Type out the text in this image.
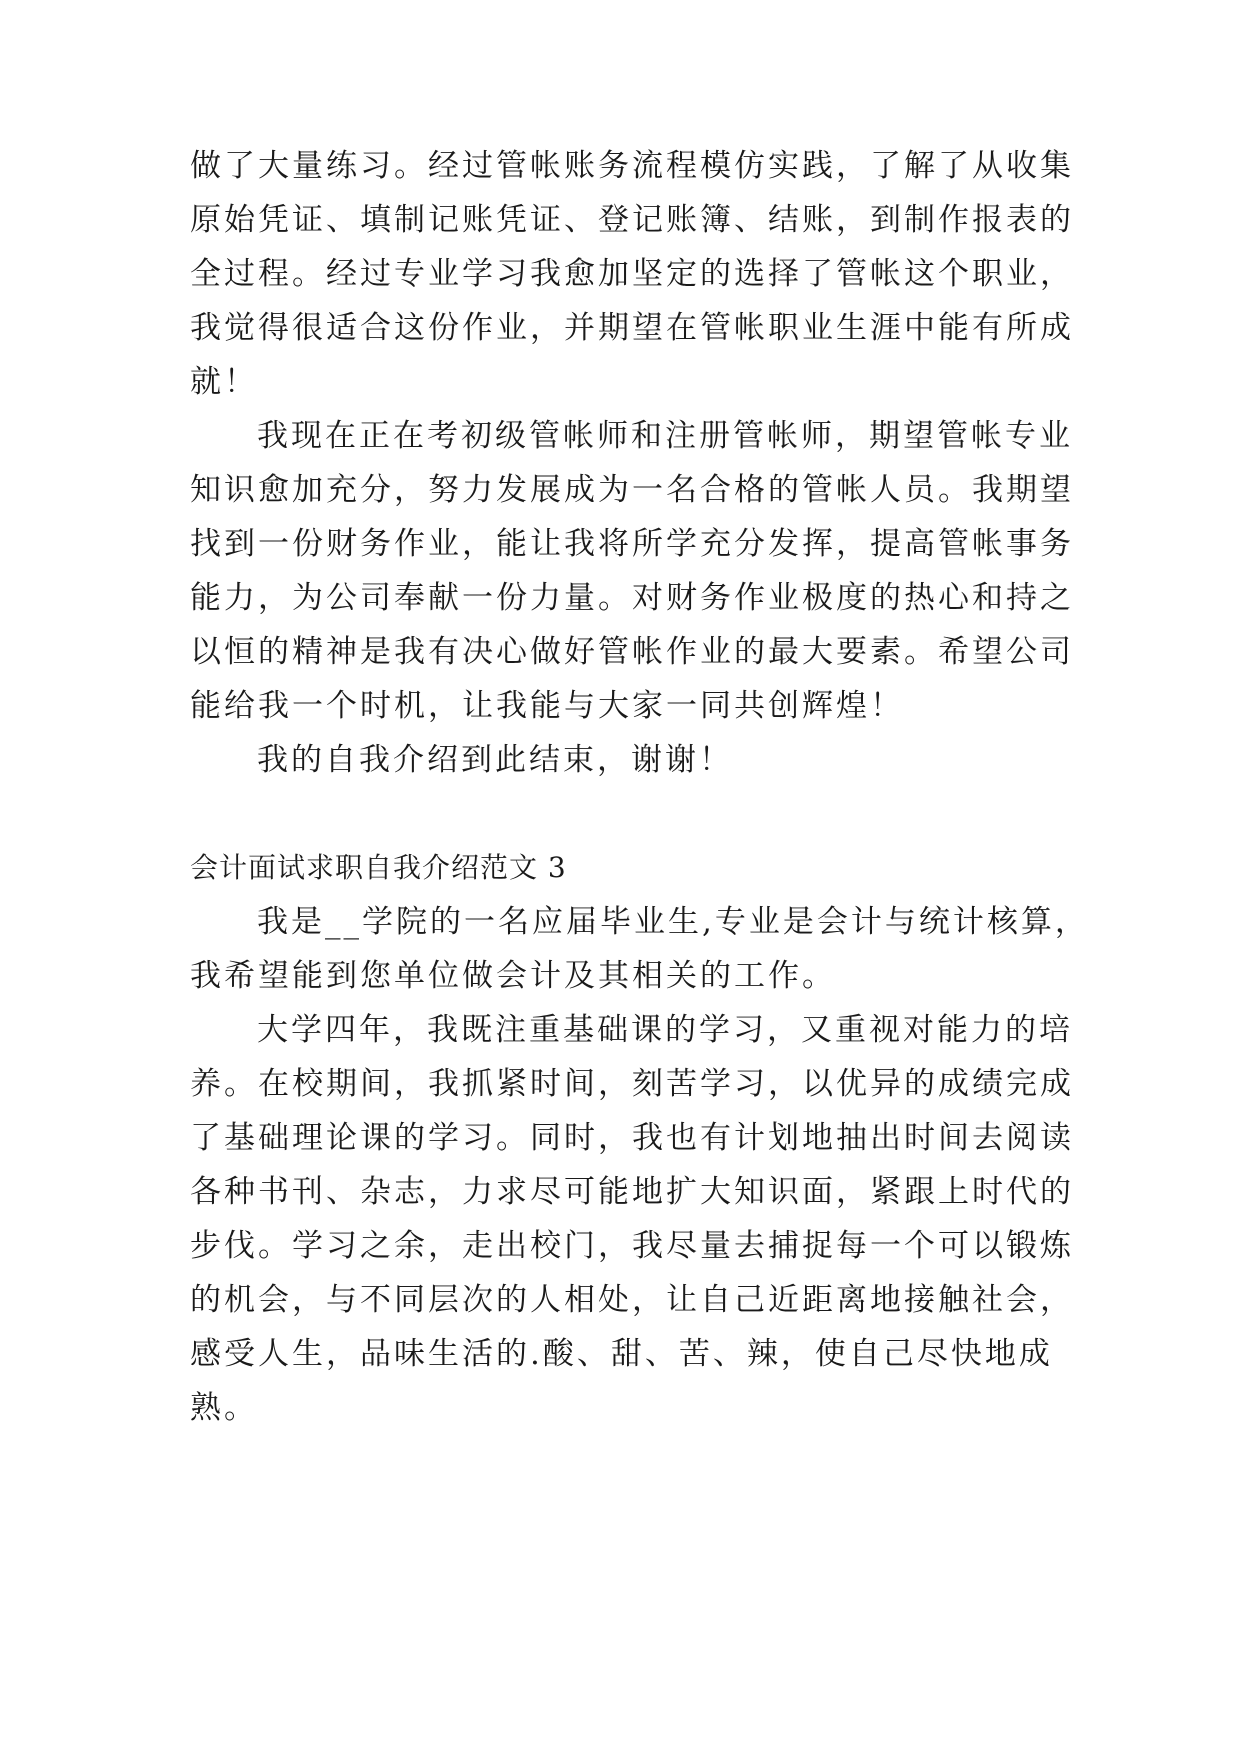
做了大量练习。经过管帐账务流程模仿实践，了解了从收集
原始凭证、填制记账凭证、登记账簿、结账，到制作报表的
全过程。经过专业学习我愈加坚定的选择了管帐这个职业，
我觉得很适合这份作业，并期望在管帐职业生涯中能有所成
就！
我现在正在考初级管帐师和注册管帐师，期望管帐专业
知识愈加充分，努力发展成为一名合格的管帐人员。我期望
找到一份财务作业，能让我将所学充分发挥，提高管帐事务
能力，为公司奉献一份力量。对财务作业极度的热心和持之
以恒的精神是我有决心做好管帐作业的最大要素。希望公司
能给我一个时机，让我能与大家一同共创辉煌！
我的自我介绍到此结束，谢谢！
会计面试求职自我介绍范文 3
我是__学院的一名应届毕业生,专业是会计与统计核算，
我希望能到您单位做会计及其相关的工作。
大学四年，我既注重基础课的学习，又重视对能力的培
养。在校期间，我抓紧时间，刻苦学习，以优异的成绩完成
了基础理论课的学习。同时，我也有计划地抽出时间去阅读
各种书刊、杂志，力求尽可能地扩大知识面，紧跟上时代的
步伐。学习之余，走出校门，我尽量去捕捉每一个可以锻炼
的机会，与不同层次的人相处，让自己近距离地接触社会，
感受人生，品味生活的.酸、甜、苦、辣，使自己尽快地成
熟。
